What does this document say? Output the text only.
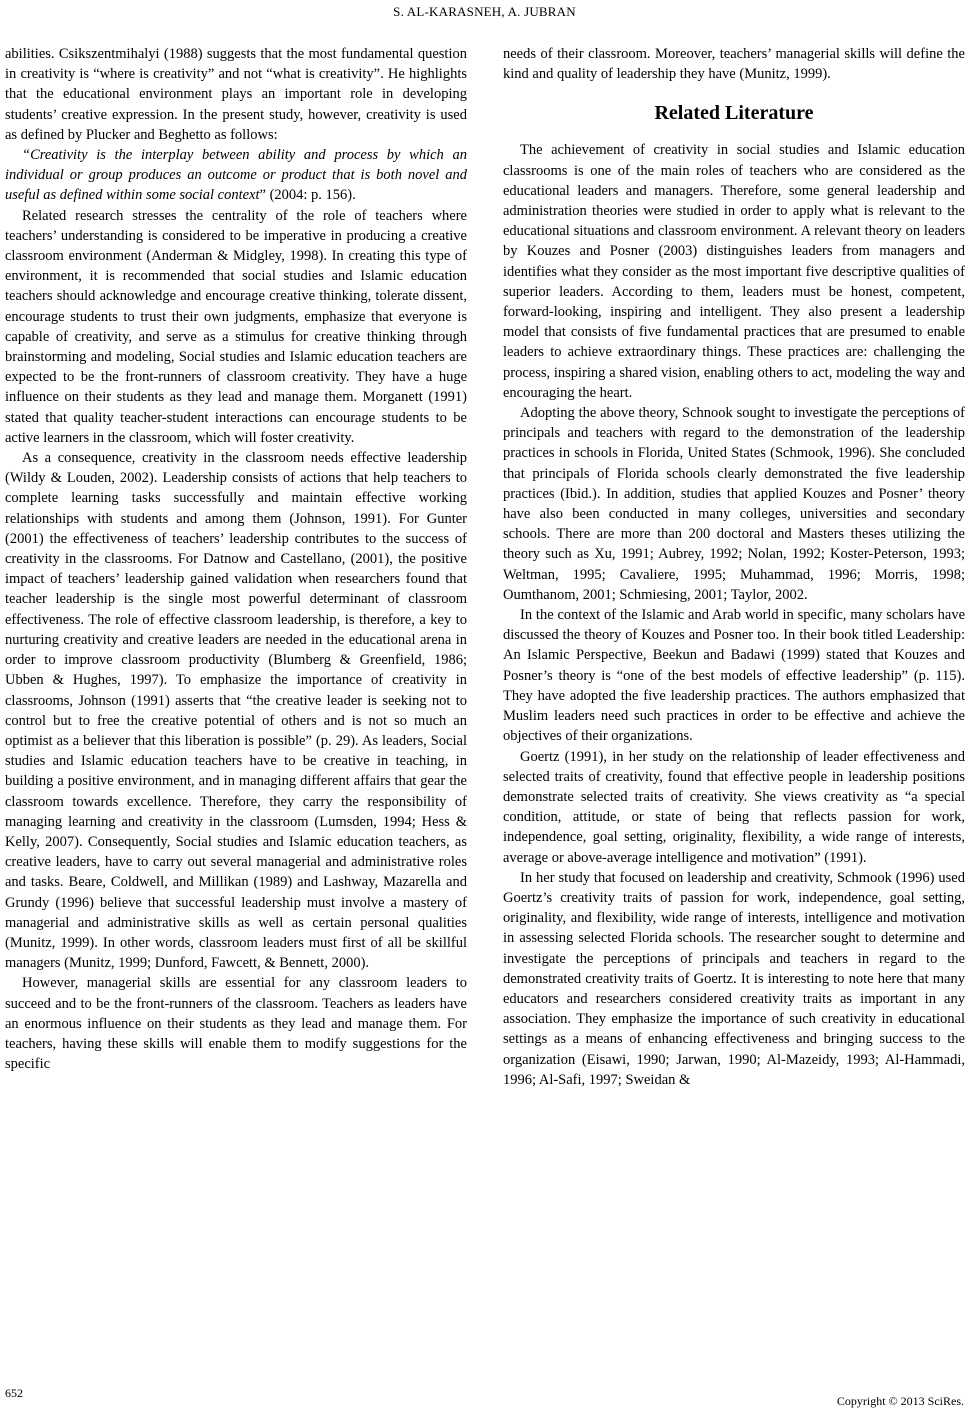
S. AL-KARASNEH, A. JUBRAN

abilities. Csikszentmihalyi (1988) suggests that the most fundamental question in creativity is “where is creativity” and not “what is creativity”. He highlights that the educational environment plays an important role in developing students’ creative expression. In the present study, however, creativity is used as defined by Plucker and Beghetto as follows:

“Creativity is the interplay between ability and process by which an individual or group produces an outcome or product that is both novel and useful as defined within some social context” (2004: p. 156).

Related research stresses the centrality of the role of teachers where teachers’ understanding is considered to be imperative in producing a creative classroom environment (Anderman & Midgley, 1998). In creating this type of environment, it is recommended that social studies and Islamic education teachers should acknowledge and encourage creative thinking, tolerate dissent, encourage students to trust their own judgments, emphasize that everyone is capable of creativity, and serve as a stimulus for creative thinking through brainstorming and modeling, Social studies and Islamic education teachers are expected to be the front-runners of classroom creativity. They have a huge influence on their students as they lead and manage them. Morganett (1991) stated that quality teacher-student interactions can encourage students to be active learners in the classroom, which will foster creativity.

As a consequence, creativity in the classroom needs effective leadership (Wildy & Louden, 2002). Leadership consists of actions that help teachers to complete learning tasks successfully and maintain effective working relationships with students and among them (Johnson, 1991). For Gunter (2001) the effectiveness of teachers’ leadership contributes to the success of creativity in the classrooms. For Datnow and Castellano, (2001), the positive impact of teachers’ leadership gained validation when researchers found that teacher leadership is the single most powerful determinant of classroom effectiveness. The role of effective classroom leadership, is therefore, a key to nurturing creativity and creative leaders are needed in the educational arena in order to improve classroom productivity (Blumberg & Greenfield, 1986; Ubben & Hughes, 1997). To emphasize the importance of creativity in classrooms, Johnson (1991) asserts that “the creative leader is seeking not to control but to free the creative potential of others and is not so much an optimist as a believer that this liberation is possible” (p. 29). As leaders, Social studies and Islamic education teachers have to be creative in teaching, in building a positive environment, and in managing different affairs that gear the classroom towards excellence. Therefore, they carry the responsibility of managing learning and creativity in the classroom (Lumsden, 1994; Hess & Kelly, 2007). Consequently, Social studies and Islamic education teachers, as creative leaders, have to carry out several managerial and administrative roles and tasks. Beare, Coldwell, and Millikan (1989) and Lashway, Mazarella and Grundy (1996) believe that successful leadership must involve a mastery of managerial and administrative skills as well as certain personal qualities (Munitz, 1999). In other words, classroom leaders must first of all be skillful managers (Munitz, 1999; Dunford, Fawcett, & Bennett, 2000).

However, managerial skills are essential for any classroom leaders to succeed and to be the front-runners of the classroom. Teachers as leaders have an enormous influence on their students as they lead and manage them. For teachers, having these skills will enable them to modify suggestions for the specific

needs of their classroom. Moreover, teachers’ managerial skills will define the kind and quality of leadership they have (Munitz, 1999).

Related Literature

The achievement of creativity in social studies and Islamic education classrooms is one of the main roles of teachers who are considered as the educational leaders and managers. Therefore, some general leadership and administration theories were studied in order to apply what is relevant to the educational situations and classroom environment. A relevant theory on leaders by Kouzes and Posner (2003) distinguishes leaders from managers and identifies what they consider as the most important five descriptive qualities of superior leaders. According to them, leaders must be honest, competent, forward-looking, inspiring and intelligent. They also present a leadership model that consists of five fundamental practices that are presumed to enable leaders to achieve extraordinary things. These practices are: challenging the process, inspiring a shared vision, enabling others to act, modeling the way and encouraging the heart.

Adopting the above theory, Schnook sought to investigate the perceptions of principals and teachers with regard to the demonstration of the leadership practices in schools in Florida, United States (Schmook, 1996). She concluded that principals of Florida schools clearly demonstrated the five leadership practices (Ibid.). In addition, studies that applied Kouzes and Posner’ theory have also been conducted in many colleges, universities and secondary schools. There are more than 200 doctoral and Masters theses utilizing the theory such as Xu, 1991; Aubrey, 1992; Nolan, 1992; Koster-Peterson, 1993; Weltman, 1995; Cavaliere, 1995; Muhammad, 1996; Morris, 1998; Oumthanom, 2001; Schmiesing, 2001; Taylor, 2002.

In the context of the Islamic and Arab world in specific, many scholars have discussed the theory of Kouzes and Posner too. In their book titled Leadership: An Islamic Perspective, Beekun and Badawi (1999) stated that Kouzes and Posner’s theory is “one of the best models of effective leadership” (p. 115). They have adopted the five leadership practices. The authors emphasized that Muslim leaders need such practices in order to be effective and achieve the objectives of their organizations.

Goertz (1991), in her study on the relationship of leader effectiveness and selected traits of creativity, found that effective people in leadership positions demonstrate selected traits of creativity. She views creativity as “a special condition, attitude, or state of being that reflects passion for work, independence, goal setting, originality, flexibility, a wide range of interests, average or above-average intelligence and motivation” (1991).

In her study that focused on leadership and creativity, Schmook (1996) used Goertz’s creativity traits of passion for work, independence, goal setting, originality, and flexibility, wide range of interests, intelligence and motivation in assessing selected Florida schools. The researcher sought to determine and investigate the perceptions of principals and teachers in regard to the demonstrated creativity traits of Goertz. It is interesting to note here that many educators and researchers considered creativity traits as important in any association. They emphasize the importance of such creativity in educational settings as a means of enhancing effectiveness and bringing success to the organization (Eisawi, 1990; Jarwan, 1990; Al-Mazeidy, 1993; Al-Hammadi, 1996; Al-Safi, 1997; Sweidan &

652
Copyright © 2013 SciRes.
